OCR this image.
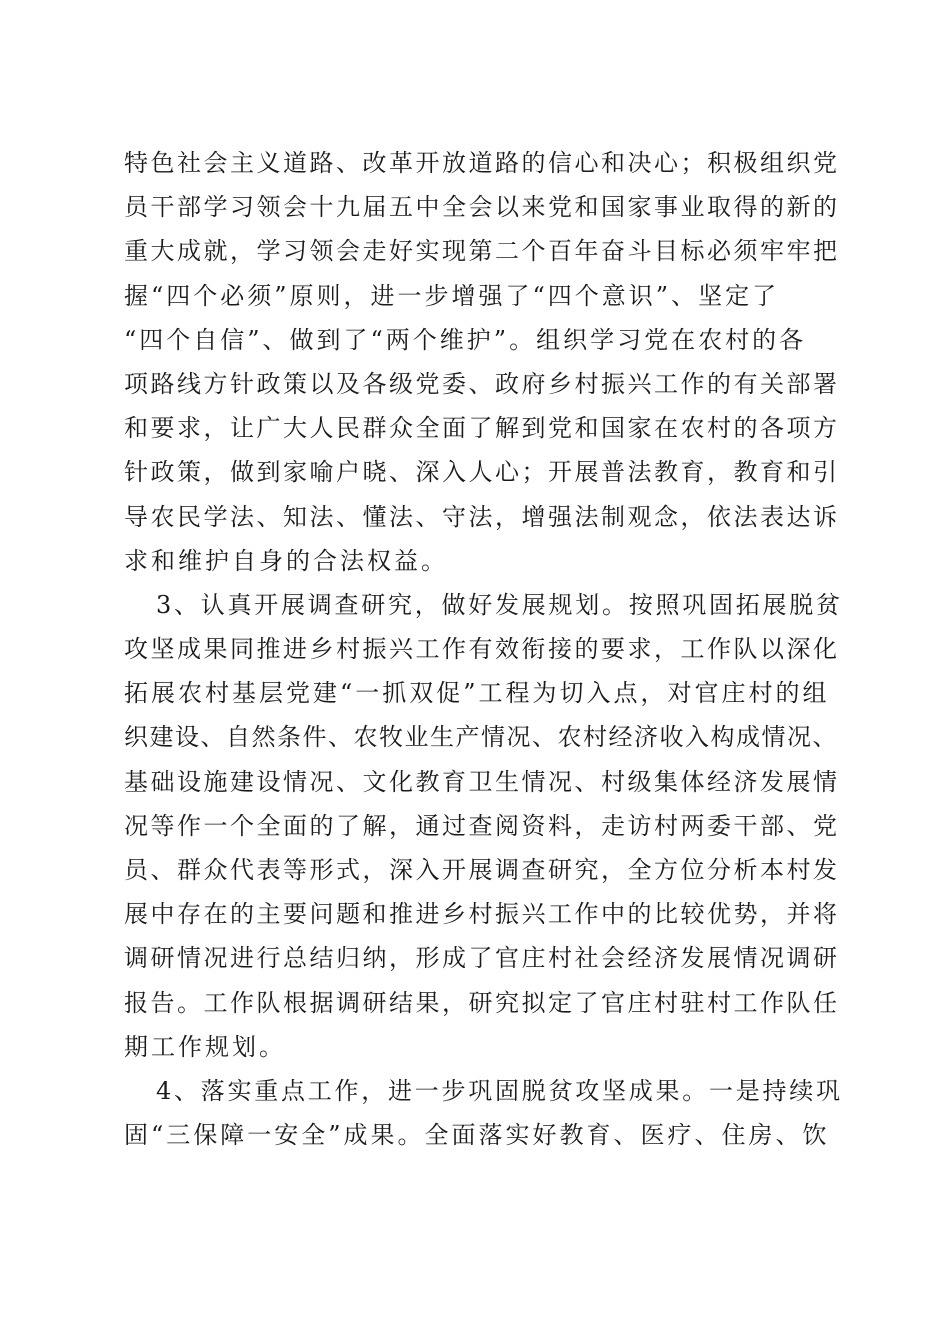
特色社会主义道路、改革开放道路的信心和决心；积极组织党
员干部学习领会十九届五中全会以来党和国家事业取得的新的
重大成就，学习领会走好实现第二个百年奋斗目标必须牢牢把
握“四个必须”原则，进一步增强了“四个意识”、坚定了
“四个自信”、做到了“两个维护”。组织学习党在农村的各
项路线方针政策以及各级党委、政府乡村振兴工作的有关部署
和要求，让广大人民群众全面了解到党和国家在农村的各项方
针政策，做到家喻户晓、深入人心；开展普法教育，教育和引
导农民学法、知法、懂法、守法，增强法制观念，依法表达诉
求和维护自身的合法权益。
3、认真开展调查研究，做好发展规划。按照巩固拓展脱贫
攻坚成果同推进乡村振兴工作有效衔接的要求，工作队以深化
拓展农村基层党建“一抓双促”工程为切入点，对官庄村的组
织建设、自然条件、农牧业生产情况、农村经济收入构成情况、
基础设施建设情况、文化教育卫生情况、村级集体经济发展情
况等作一个全面的了解，通过查阅资料，走访村两委干部、党
员、群众代表等形式，深入开展调查研究，全方位分析本村发
展中存在的主要问题和推进乡村振兴工作中的比较优势，并将
调研情况进行总结归纳，形成了官庄村社会经济发展情况调研
报告。工作队根据调研结果，研究拟定了官庄村驻村工作队任
期工作规划。
4、落实重点工作，进一步巩固脱贫攻坚成果。一是持续巩
固“三保障一安全”成果。全面落实好教育、医疗、住房、饮
